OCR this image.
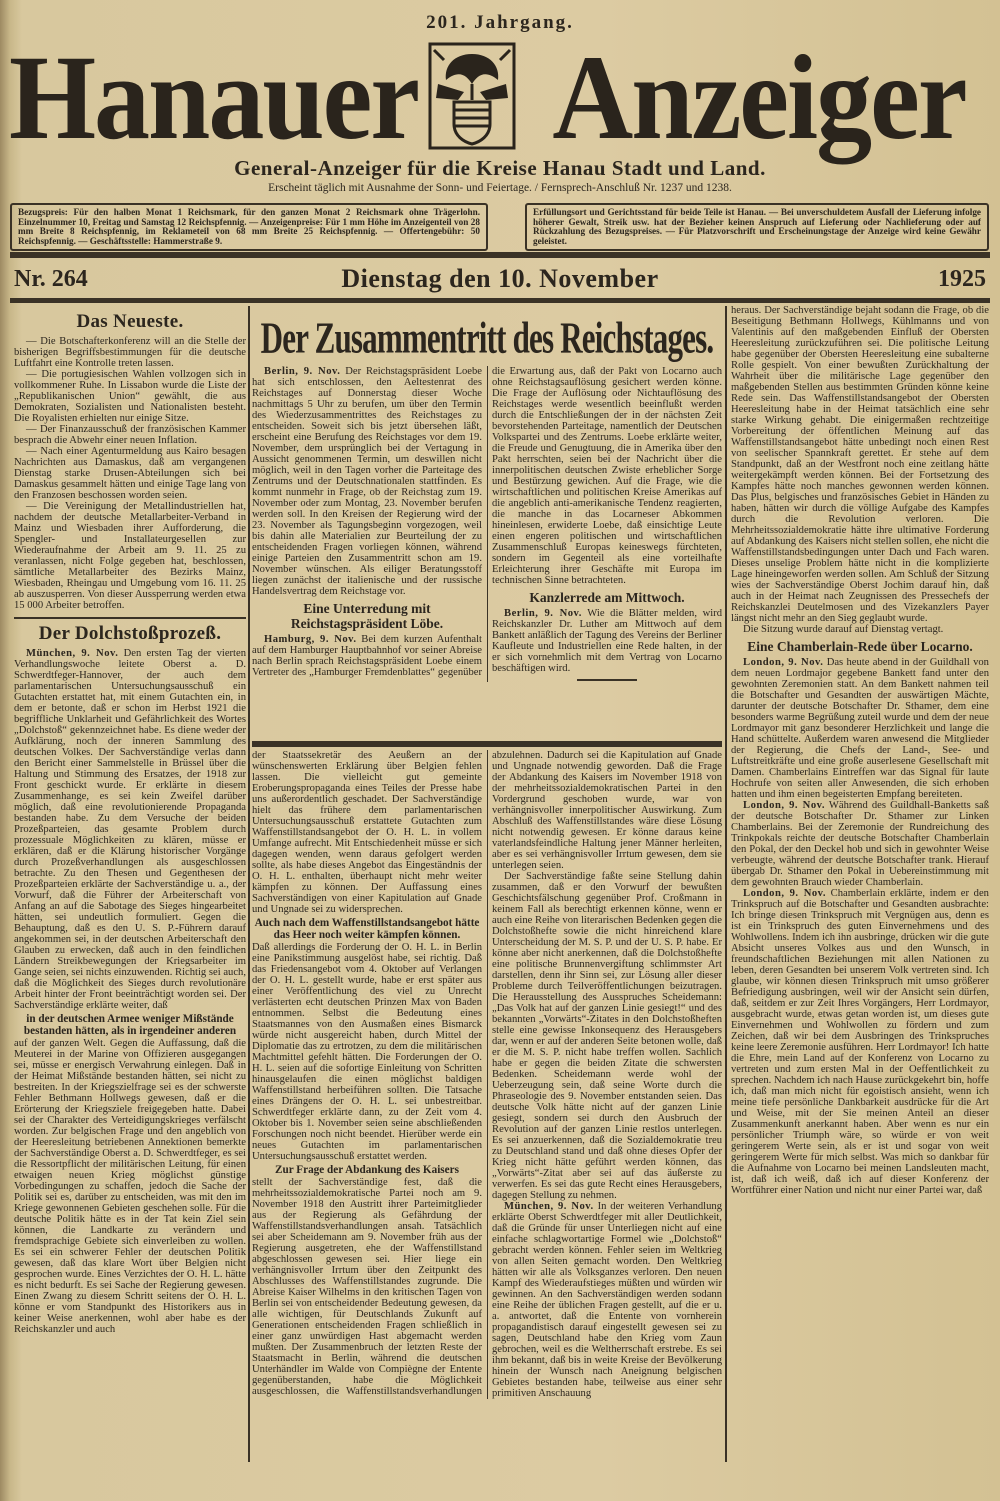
201. Jahrgang.
Hanauer Anzeiger
General-Anzeiger für die Kreise Hanau Stadt und Land.
Erscheint täglich mit Ausnahme der Sonn- und Feiertage. / Fernsprech-Anschluß Nr. 1237 und 1238.
Bezugspreis: Für den halben Monat 1 Reichsmark, für den ganzen Monat 2 Reichsmark ohne Trägerlohn. Einzelnummer 10, Freitag und Samstag 12 Reichspfennig. — Anzeigenpreise: Für 1 mm Höhe im Anzeigenteil von 28 mm Breite 8 Reichspfennig, im Reklameteil von 68 mm Breite 25 Reichspfennig. — Offertengebühr: 50 Reichspfennig. — Geschäftsstelle: Hammerstraße 9.
Erfüllungsort und Gerichtsstand für beide Teile ist Hanau. — Bei unverschuldetem Ausfall der Lieferung infolge höherer Gewalt, Streik usw. hat der Bezieher keinen Anspruch auf Lieferung oder Nachlieferung oder auf Rückzahlung des Bezugspreises. — Für Platzvorschrift und Erscheinungstage der Anzeige wird keine Gewähr geleistet.
Dienstag den 10. November
Nr. 264	1925
Das Neueste.

— Die Botschafterkonferenz will an die Stelle der bisherigen Begriffsbestimmungen für die deutsche Luftfahrt eine Kontrolle treten lassen.

— Die portugiesischen Wahlen vollzogen sich in vollkommener Ruhe. In Lissabon wurde die Liste der „Republikanischen Union“ gewählt, die aus Demokraten, Sozialisten und Nationalisten besteht. Die Royalisten erhielten nur einige Sitze.

— Der Finanzausschuß der französischen Kammer besprach die Abwehr einer neuen Inflation.

— Nach einer Agenturmeldung aus Kairo besagen Nachrichten aus Damaskus, daß am vergangenen Dienstag starke Drusen-Abteilungen sich bei Damaskus gesammelt hätten und einige Tage lang von den Franzosen beschossen worden seien.

— Die Vereinigung der Metallindustriellen hat, nachdem der deutsche Metallarbeiter-Verband in Mainz und Wiesbaden ihrer Aufforderung, die Spengler- und Installateurgesellen zur Wiederaufnahme der Arbeit am 9. 11. 25 zu veranlassen, nicht Folge gegeben hat, beschlossen, sämtliche Metallarbeiter des Bezirks Mainz, Wiesbaden, Rheingau und Umgebung vom 16. 11. 25 ab auszusperren. Von dieser Aussperrung werden etwa 15 000 Arbeiter betroffen.

Der Dolchstoßprozeß.

München, 9. Nov. Den ersten Tag der vierten Verhandlungswoche leitete Oberst a. D. Schwerdtfeger-Hannover, der auch dem parlamentarischen Untersuchungsausschuß ein Gutachten erstattet hat, mit einem Gutachten ein, in dem er betonte, daß er schon im Herbst 1921 die begriffliche Unklarheit und Gefährlichkeit des Wortes „Dolchstoß“ gekennzeichnet habe. Es diene weder der Aufklärung, noch der inneren Sammlung des deutschen Volkes. Der Sachverständige verlas dann den Bericht einer Sammelstelle in Brüssel über die Haltung und Stimmung des Ersatzes, der 1918 zur Front geschickt wurde. Er erklärte in diesem Zusammenhange, es sei kein Zweifel darüber möglich, daß eine revolutionierende Propaganda bestanden habe. Zu dem Versuche der beiden Prozeßparteien, das gesamte Problem durch prozessuale Möglichkeiten zu klären, müsse er erklären, daß er die Klärung historischer Vorgänge durch Prozeßverhandlungen als ausgeschlossen betrachte. Zu den Thesen und Gegenthesen der Prozeßparteien erklärte der Sachverständige u. a., der Vorwurf, daß die Führer der Arbeiterschaft von Anfang an auf die Sabotage des Sieges hingearbeitet hätten, sei undeutlich formuliert. Gegen die Behauptung, daß es den U. S. P.-Führern darauf angekommen sei, in der deutschen Arbeiterschaft den Glauben zu erwecken, daß auch in den feindlichen Ländern Streikbewegungen der Kriegsarbeiter im Gange seien, sei nichts einzuwenden. Richtig sei auch, daß die Möglichkeit des Sieges durch revolutionäre Arbeit hinter der Front beeinträchtigt worden sei. Der Sachverständige erklärte weiter, daß

in der deutschen Armee weniger Mißstände bestanden hätten, als in irgendeiner anderen

auf der ganzen Welt. Gegen die Auffassung, daß die Meuterei in der Marine von Offizieren ausgegangen sei, müsse er energisch Verwahrung einlegen. Daß in der Heimat Mißstände bestanden hätten, sei nicht zu bestreiten. In der Kriegszielfrage sei es der schwerste Fehler Bethmann Hollwegs gewesen, daß er die Erörterung der Kriegsziele freigegeben hatte. Dabei sei der Charakter des Verteidigungskrieges verfälscht worden. Zur belgischen Frage und den angeblich von der Heeresleitung betriebenen Annektionen bemerkte der Sachverständige Oberst a. D. Schwerdtfeger, es sei die Ressortpflicht der militärischen Leitung, für einen etwaigen neuen Krieg möglichst günstige Vorbedingungen zu schaffen, jedoch die Sache der Politik sei es, darüber zu entscheiden, was mit den im Kriege gewonnenen Gebieten geschehen solle. Für die deutsche Politik hätte es in der Tat kein Ziel sein können, die Landkarte zu verändern und fremdsprachige Gebiete sich einverleiben zu wollen. Es sei ein schwerer Fehler der deutschen Politik gewesen, daß das klare Wort über Belgien nicht gesprochen wurde. Eines Verzichtes der O. H. L. hätte es nicht bedurft. Es sei Sache der Regierung gewesen. Einen Zwang zu diesem Schritt seitens der O. H. L. könne er vom Standpunkt des Historikers aus in keiner Weise anerkennen, wohl aber habe es der Reichskanzler und auch

Der Zusammentritt des Reichstages.

Berlin, 9. Nov. Der Reichstagspräsident Loebe hat sich entschlossen, den Aeltestenrat des Reichstages auf Donnerstag dieser Woche nachmittags 5 Uhr zu berufen, um über den Termin des Wiederzusammentrittes des Reichstages zu entscheiden. Soweit sich bis jetzt übersehen läßt, erscheint eine Berufung des Reichstages vor dem 19. November, dem ursprünglich bei der Vertagung in Aussicht genommenen Termin, um deswillen nicht möglich, weil in den Tagen vorher die Parteitage des Zentrums und der Deutschnationalen stattfinden. Es kommt nunmehr in Frage, ob der Reichstag zum 19. November oder zum Montag, 23. November berufen werden soll. In den Kreisen der Regierung wird der 23. November als Tagungsbeginn vorgezogen, weil bis dahin alle Materialien zur Beurteilung der zu entscheidenden Fragen vorliegen können, während einige Parteien den Zusammentritt schon am 19. November wünschen. Als eiliger Beratungsstoff liegen zunächst der italienische und der russische Handelsvertrag dem Reichstage vor.

Eine Unterredung mit Reichstagspräsident Löbe.

Hamburg, 9. Nov. Bei dem kurzen Aufenthalt auf dem Hamburger Hauptbahnhof vor seiner Abreise nach Berlin sprach Reichstagspräsident Loebe einem Vertreter des „Hamburger Fremdenblattes“ gegenüber die Erwartung aus, daß der Pakt von Locarno auch ohne Reichstagsauflösung gesichert werden könne. Die Frage der Auflösung oder Nichtauflösung des Reichstages werde wesentlich beeinflußt werden durch die Entschließungen der in der nächsten Zeit bevorstehenden Parteitage, namentlich der Deutschen Volkspartei und des Zentrums. Loebe erklärte weiter, die Freude und Genugtuung, die in Amerika über den Pakt herrschten, seien bei der Nachricht über die innerpolitischen deutschen Zwiste erheblicher Sorge und Bestürzung gewichen. Auf die Frage, wie die wirtschaftlichen und politischen Kreise Amerikas auf die angeblich anti-amerikanische Tendenz reagierten, die manche in das Locarneser Abkommen hineinlesen, erwiderte Loebe, daß einsichtige Leute einen engeren politischen und wirtschaftlichen Zusammenschluß Europas keineswegs fürchteten, sondern im Gegenteil als eine vorteilhafte Erleichterung ihrer Geschäfte mit Europa im technischen Sinne betrachteten.

Kanzlerrede am Mittwoch.

Berlin, 9. Nov. Wie die Blätter melden, wird Reichskanzler Dr. Luther am Mittwoch auf dem Bankett anläßlich der Tagung des Vereins der Berliner Kaufleute und Industriellen eine Rede halten, in der er sich vornehmlich mit dem Vertrag von Locarno beschäftigen wird.

der Staatssekretär des Aeußern an der wünschenswerten Erklärung über Belgien fehlen lassen. Die vielleicht gut gemeinte Eroberungspropaganda eines Teiles der Presse habe uns außerordentlich geschadet. Der Sachverständige hielt das frühere dem parlamentarischen Untersuchungsausschuß erstattete Gutachten zum Waffenstillstandsangebot der O. H. L. in vollem Umfange aufrecht. Mit Entschiedenheit müsse er sich dagegen wenden, wenn daraus gefolgert werden sollte, als habe dieses Angebot das Eingeständnis der O. H. L. enthalten, überhaupt nicht mehr weiter kämpfen zu können. Der Auffassung eines Sachverständigen von einer Kapitulation auf Gnade und Ungnade sei zu widersprechen.

Auch nach dem Waffenstillstandsangebot hätte das Heer noch weiter kämpfen können.

Daß allerdings die Forderung der O. H. L. in Berlin eine Panikstimmung ausgelöst habe, sei richtig. Daß das Friedensangebot vom 4. Oktober auf Verlangen der O. H. L. gestellt wurde, habe er erst später aus einer Veröffentlichung des viel zu Unrecht verlästerten echt deutschen Prinzen Max von Baden entnommen. Selbst die Bedeutung eines Staatsmannes von den Ausmaßen eines Bismarck würde nicht ausgereicht haben, durch Mittel der Diplomatie das zu ertrotzen, zu dem die militärischen Machtmittel gefehlt hätten. Die Forderungen der O. H. L. seien auf die sofortige Einleitung von Schritten hinausgelaufen die einen möglichst baldigen Waffenstillstand herbeiführen sollten. Die Tatsache eines Drängens der O. H. L. sei unbestreitbar. Schwerdtfeger erklärte dann, zu der Zeit vom 4. Oktober bis 1. November seien seine abschließenden Forschungen noch nicht beendet. Hierüber werde ein neues Gutachten im parlamentarischen Untersuchungsausschuß erstattet werden.

Zur Frage der Abdankung des Kaisers

stellt der Sachverständige fest, daß die mehrheitssozialdemokratische Partei noch am 9. November 1918 den Austritt ihrer Parteimitglieder aus der Regierung als Gefährdung der Waffenstillstandsverhandlungen ansah. Tatsächlich sei aber Scheidemann am 9. November früh aus der Regierung ausgetreten, ehe der Waffenstillstand abgeschlossen gewesen sei. Hier liege ein verhängnisvoller Irrtum über den Zeitpunkt des Abschlusses des Waffenstillstandes zugrunde. Die Abreise Kaiser Wilhelms in den kritischen Tagen von Berlin sei von entscheidender Bedeutung gewesen, da alle wichtigen, für Deutschlands Zukunft auf Generationen entscheidenden Fragen schließlich in einer ganz unwürdigen Hast abgemacht werden mußten. Der Zusammenbruch der letzten Reste der Staatsmacht in Berlin, während die deutschen Unterhändler im Walde von Compiègne der Entente gegenüberstanden, habe die Möglichkeit ausgeschlossen, die Waffenstillstandsverhandlungen abzulehnen. Dadurch sei die Kapitulation auf Gnade und Ungnade notwendig geworden. Daß die Frage der Abdankung des Kaisers im November 1918 von der mehrheitssozialdemokratischen Partei in den Vordergrund geschoben wurde, war von verhängnisvoller innerpolitischer Auswirkung. Zum Abschluß des Waffenstillstandes wäre diese Lösung nicht notwendig gewesen. Er könne daraus keine vaterlandsfeindliche Haltung jener Männer herleiten, aber es sei verhängnisvoller Irrtum gewesen, dem sie unterlegen seien.

Der Sachverständige faßte seine Stellung dahin zusammen, daß er den Vorwurf der bewußten Geschichtsfälschung gegenüber Prof. Croßmann in keinem Fall als berechtigt erkennen könne, wenn er auch eine Reihe von literarischen Bedenken gegen die Dolchstoßhefte sowie die nicht hinreichend klare Unterscheidung der M. S. P. und der U. S. P. habe. Er könne aber nicht anerkennen, daß die Dolchstoßhefte eine politische Brunnenvergiftung schlimmster Art darstellen, denn ihr Sinn sei, zur Lösung aller dieser Probleme durch Teilveröffentlichungen beizutragen. Die Herausstellung des Ausspruches Scheidemann: „Das Volk hat auf der ganzen Linie gesiegt!“ und des bekannten „Vorwärts“-Zitates in den Dolchstoßheften stelle eine gewisse Inkonsequenz des Herausgebers dar, wenn er auf der anderen Seite betonen wolle, daß er die M. S. P. nicht habe treffen wollen. Sachlich habe er gegen die beiden Zitate die schwersten Bedenken. Scheidemann werde wohl der Ueberzeugung sein, daß seine Worte durch die Phraseologie des 9. November entstanden seien. Das deutsche Volk hätte nicht auf der ganzen Linie gesiegt, sondern sei durch den Ausbruch der Revolution auf der ganzen Linie restlos unterlegen. Es sei anzuerkennen, daß die Sozialdemokratie treu zu Deutschland stand und daß ohne dieses Opfer der Krieg nicht hätte geführt werden können, das „Vorwärts“-Zitat aber sei auf das äußerste zu verwerfen. Es sei das gute Recht eines Herausgebers, dagegen Stellung zu nehmen.

München, 9. Nov. In der weiteren Verhandlung erklärte Oberst Schwerdtfeger mit aller Deutlichkeit, daß die Gründe für unser Unterliegen nicht auf eine einfache schlagwortartige Formel wie „Dolchstoß“ gebracht werden können. Fehler seien im Weltkrieg von allen Seiten gemacht worden. Den Weltkrieg hätten wir alle als Volksganzes verloren. Den neuen Kampf des Wiederaufstieges müßten und würden wir gewinnen. An den Sachverständigen werden sodann eine Reihe der üblichen Fragen gestellt, auf die er u. a. antwortet, daß die Entente von vornherein propagandistisch darauf eingestellt gewesen sei zu sagen, Deutschland habe den Krieg vom Zaun gebrochen, weil es die Weltherrschaft erstrebe. Es sei ihm bekannt, daß bis in weite Kreise der Bevölkerung hinein der Wunsch nach Aneignung belgischen Gebietes bestanden habe, teilweise aus einer sehr primitiven Anschauung

heraus. Der Sachverständige bejaht sodann die Frage, ob die Beseitigung Bethmann Hollwegs, Kühlmanns und von Valentinis auf den maßgebenden Einfluß der Obersten Heeresleitung zurückzuführen sei. Die politische Leitung habe gegenüber der Obersten Heeresleitung eine subalterne Rolle gespielt. Von einer bewußten Zurückhaltung der Wahrheit über die militärische Lage gegenüber den maßgebenden Stellen aus bestimmten Gründen könne keine Rede sein. Das Waffenstillstandsangebot der Obersten Heeresleitung habe in der Heimat tatsächlich eine sehr starke Wirkung gehabt. Die einigermaßen rechtzeitige Vorbereitung der öffentlichen Meinung auf das Waffenstillstandsangebot hätte unbedingt noch einen Rest von seelischer Spannkraft gerettet. Er stehe auf dem Standpunkt, daß an der Westfront noch eine zeitlang hätte weitergekämpft werden können. Bei der Fortsetzung des Kampfes hätte noch manches gewonnen werden können. Das Plus, belgisches und französisches Gebiet in Händen zu haben, hätten wir durch die völlige Aufgabe des Kampfes durch die Revolution verloren. Die Mehrheitssozialdemokratie hätte ihre ultimative Forderung auf Abdankung des Kaisers nicht stellen sollen, ehe nicht die Waffenstillstandsbedingungen unter Dach und Fach waren. Dieses unselige Problem hätte nicht in die komplizierte Lage hineingeworfen werden sollen. Am Schluß der Sitzung wies der Sachverständige Oberst Jochim darauf hin, daß auch in der Heimat nach Zeugnissen des Pressechefs der Reichskanzlei Deutelmosen und des Vizekanzlers Payer längst nicht mehr an den Sieg geglaubt wurde.

Die Sitzung wurde darauf auf Dienstag vertagt.

Eine Chamberlain-Rede über Locarno.

London, 9. Nov. Das heute abend in der Guildhall von dem neuen Lordmajor gegebene Bankett fand unter den gewohnten Zeremonien statt. An dem Bankett nahmen teil die Botschafter und Gesandten der auswärtigen Mächte, darunter der deutsche Botschafter Dr. Sthamer, dem eine besonders warme Begrüßung zuteil wurde und dem der neue Lordmayor mit ganz besonderer Herzlichkeit und lange die Hand schüttelte. Außerdem waren anwesend die Mitglieder der Regierung, die Chefs der Land-, See- und Luftstreitkräfte und eine große auserlesene Gesellschaft mit Damen. Chamberlains Eintreffen war das Signal für laute Hochrufe von seiten aller Anwesenden, die sich erhoben hatten und ihm einen begeisterten Empfang bereiteten.

London, 9. Nov. Während des Guildhall-Banketts saß der deutsche Botschafter Dr. Sthamer zur Linken Chamberlains. Bei der Zeremonie der Rundreichung des Trinkpokals reichte der deutsche Botschafter Chamberlain den Pokal, der den Deckel hob und sich in gewohnter Weise verbeugte, während der deutsche Botschafter trank. Hierauf übergab Dr. Sthamer den Pokal in Uebereinstimmung mit dem gewohnten Brauch wieder Chamberlain.

London, 9. Nov. Chamberlain erklärte, indem er den Trinkspruch auf die Botschafter und Gesandten ausbrachte: Ich bringe diesen Trinkspruch mit Vergnügen aus, denn es ist ein Trinkspruch des guten Einvernehmens und des Wohlwollens. Indem ich ihn ausbringe, drücken wir die gute Absicht unseres Volkes aus und den Wunsch, in freundschaftlichen Beziehungen mit allen Nationen zu leben, deren Gesandten bei unserem Volk vertreten sind. Ich glaube, wir können diesen Trinkspruch mit umso größerer Befriedigung ausbringen, weil wir der Ansicht sein dürfen, daß, seitdem er zur Zeit Ihres Vorgängers, Herr Lordmayor, ausgebracht wurde, etwas getan worden ist, um dieses gute Einvernehmen und Wohlwollen zu fördern und zum Zeichen, daß wir bei dem Ausbringen des Trinkspruches keine leere Zeremonie ausführen. Herr Lordmayor! Ich hatte die Ehre, mein Land auf der Konferenz von Locarno zu vertreten und zum ersten Mal in der Oeffentlichkeit zu sprechen. Nachdem ich nach Hause zurückgekehrt bin, hoffe ich, daß man mich nicht für egoistisch ansieht, wenn ich meine tiefe persönliche Dankbarkeit ausdrücke für die Art und Weise, mit der Sie meinen Anteil an dieser Zusammenkunft anerkannt haben. Aber wenn es nur ein persönlicher Triumph wäre, so würde er von weit geringerem Werte sein, als er ist und sogar von weit geringerem Werte für mich selbst. Was mich so dankbar für die Aufnahme von Locarno bei meinen Landsleuten macht, ist, daß ich weiß, daß ich auf dieser Konferenz der Wortführer einer Nation und nicht nur einer Partei war, daß
